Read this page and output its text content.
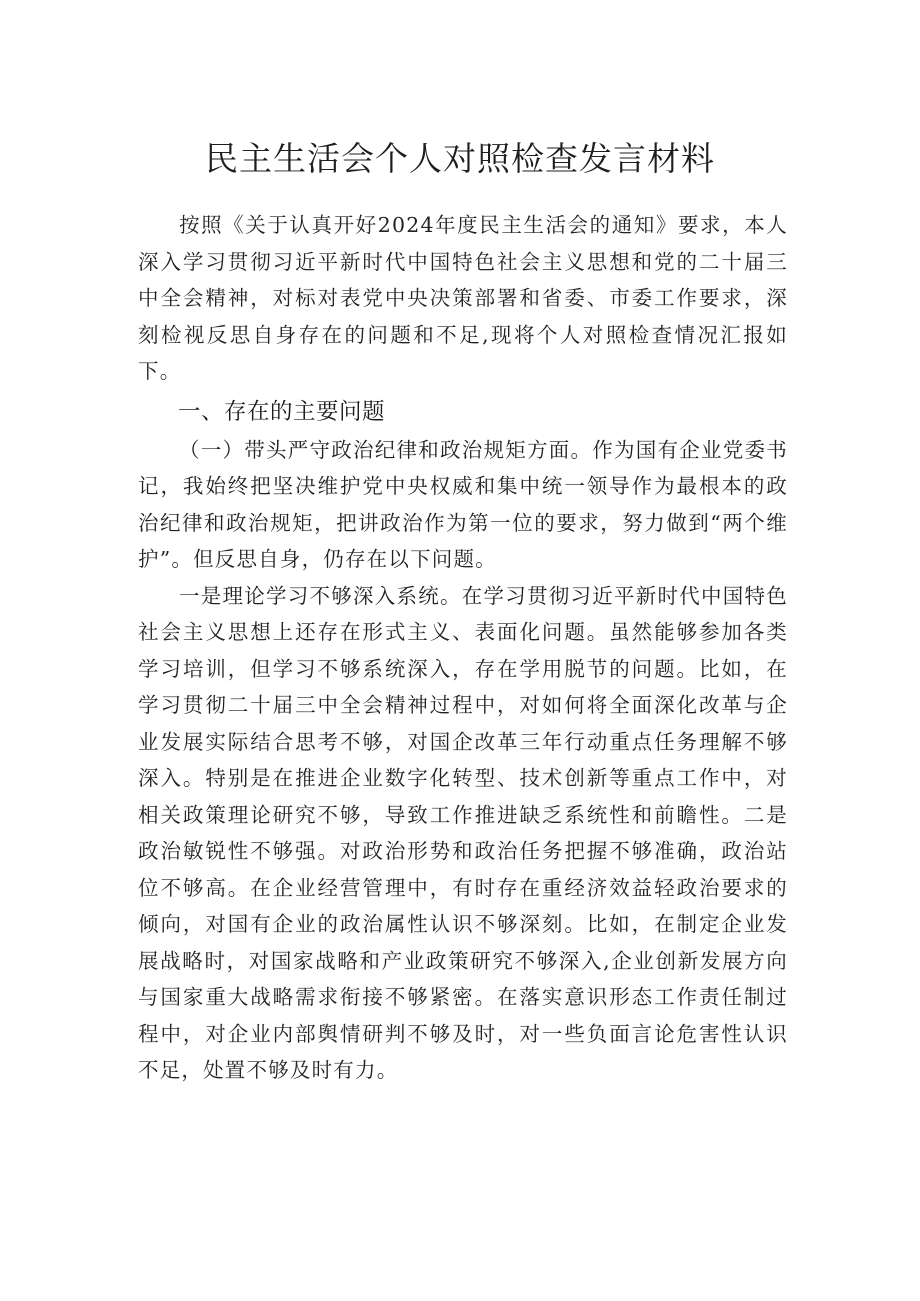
民主生活会个人对照检查发言材料

按照《关于认真开好2024年度民主生活会的通知》要求，本人深入学习贯彻习近平新时代中国特色社会主义思想和党的二十届三中全会精神，对标对表党中央决策部署和省委、市委工作要求，深刻检视反思自身存在的问题和不足,现将个人对照检查情况汇报如下。

一、存在的主要问题

（一）带头严守政治纪律和政治规矩方面。作为国有企业党委书记，我始终把坚决维护党中央权威和集中统一领导作为最根本的政治纪律和政治规矩，把讲政治作为第一位的要求，努力做到“两个维护”。但反思自身，仍存在以下问题。

一是理论学习不够深入系统。在学习贯彻习近平新时代中国特色社会主义思想上还存在形式主义、表面化问题。虽然能够参加各类学习培训，但学习不够系统深入，存在学用脱节的问题。比如，在学习贯彻二十届三中全会精神过程中，对如何将全面深化改革与企业发展实际结合思考不够，对国企改革三年行动重点任务理解不够深入。特别是在推进企业数字化转型、技术创新等重点工作中，对相关政策理论研究不够，导致工作推进缺乏系统性和前瞻性。二是政治敏锐性不够强。对政治形势和政治任务把握不够准确，政治站位不够高。在企业经营管理中，有时存在重经济效益轻政治要求的倾向，对国有企业的政治属性认识不够深刻。比如，在制定企业发展战略时，对国家战略和产业政策研究不够深入,企业创新发展方向与国家重大战略需求衔接不够紧密。在落实意识形态工作责任制过程中，对企业内部舆情研判不够及时，对一些负面言论危害性认识不足，处置不够及时有力。
